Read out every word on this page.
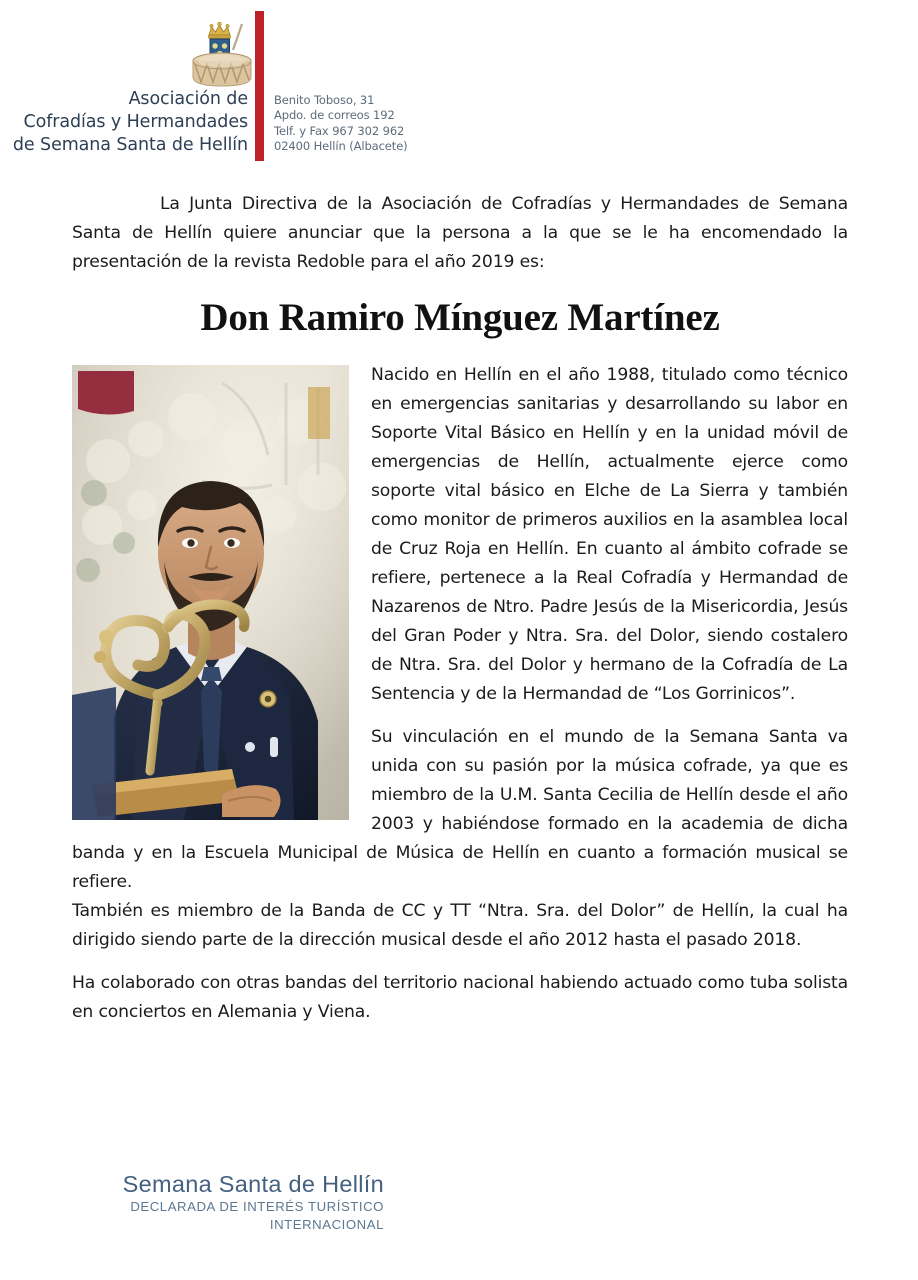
Asociación de
Cofradías y Hermandades
de Semana Santa de Hellín
Benito Toboso, 31
Apdo. de correos 192
Telf. y Fax 967 302 962
02400 Hellín (Albacete)

La Junta Directiva de la Asociación de Cofradías y Hermandades de Semana Santa de Hellín quiere anunciar que la persona a la que se le ha encomendado la presentación de la revista Redoble para el año 2019 es:

Don Ramiro Mínguez Martínez

Nacido en Hellín en el año 1988, titulado como técnico en emergencias sanitarias y desarrollando su labor en Soporte Vital Básico en Hellín y en la unidad móvil de emergencias de Hellín, actualmente ejerce como soporte vital básico en Elche de La Sierra y también como monitor de primeros auxilios en la asamblea local de Cruz Roja en Hellín. En cuanto al ámbito cofrade se refiere, pertenece a la Real Cofradía y Hermandad de Nazarenos de Ntro. Padre Jesús de la Misericordia, Jesús del Gran Poder y Ntra. Sra. del Dolor, siendo costalero de Ntra. Sra. del Dolor y hermano de la Cofradía de La Sentencia y de la Hermandad de “Los Gorrinicos”.

Su vinculación en el mundo de la Semana Santa va unida con su pasión por la música cofrade, ya que es miembro de la U.M. Santa Cecilia de Hellín desde el año 2003 y habiéndose formado en la academia de dicha banda y en la Escuela Municipal de Música de Hellín en cuanto a formación musical se refiere.

También es miembro de la Banda de CC y TT “Ntra. Sra. del Dolor” de Hellín, la cual ha dirigido siendo parte de la dirección musical desde el año 2012 hasta el pasado 2018.

Ha colaborado con otras bandas del territorio nacional habiendo actuado como tuba solista en conciertos en Alemania y Viena.

Semana Santa de Hellín
DECLARADA DE INTERÉS TURÍSTICO
INTERNACIONAL
